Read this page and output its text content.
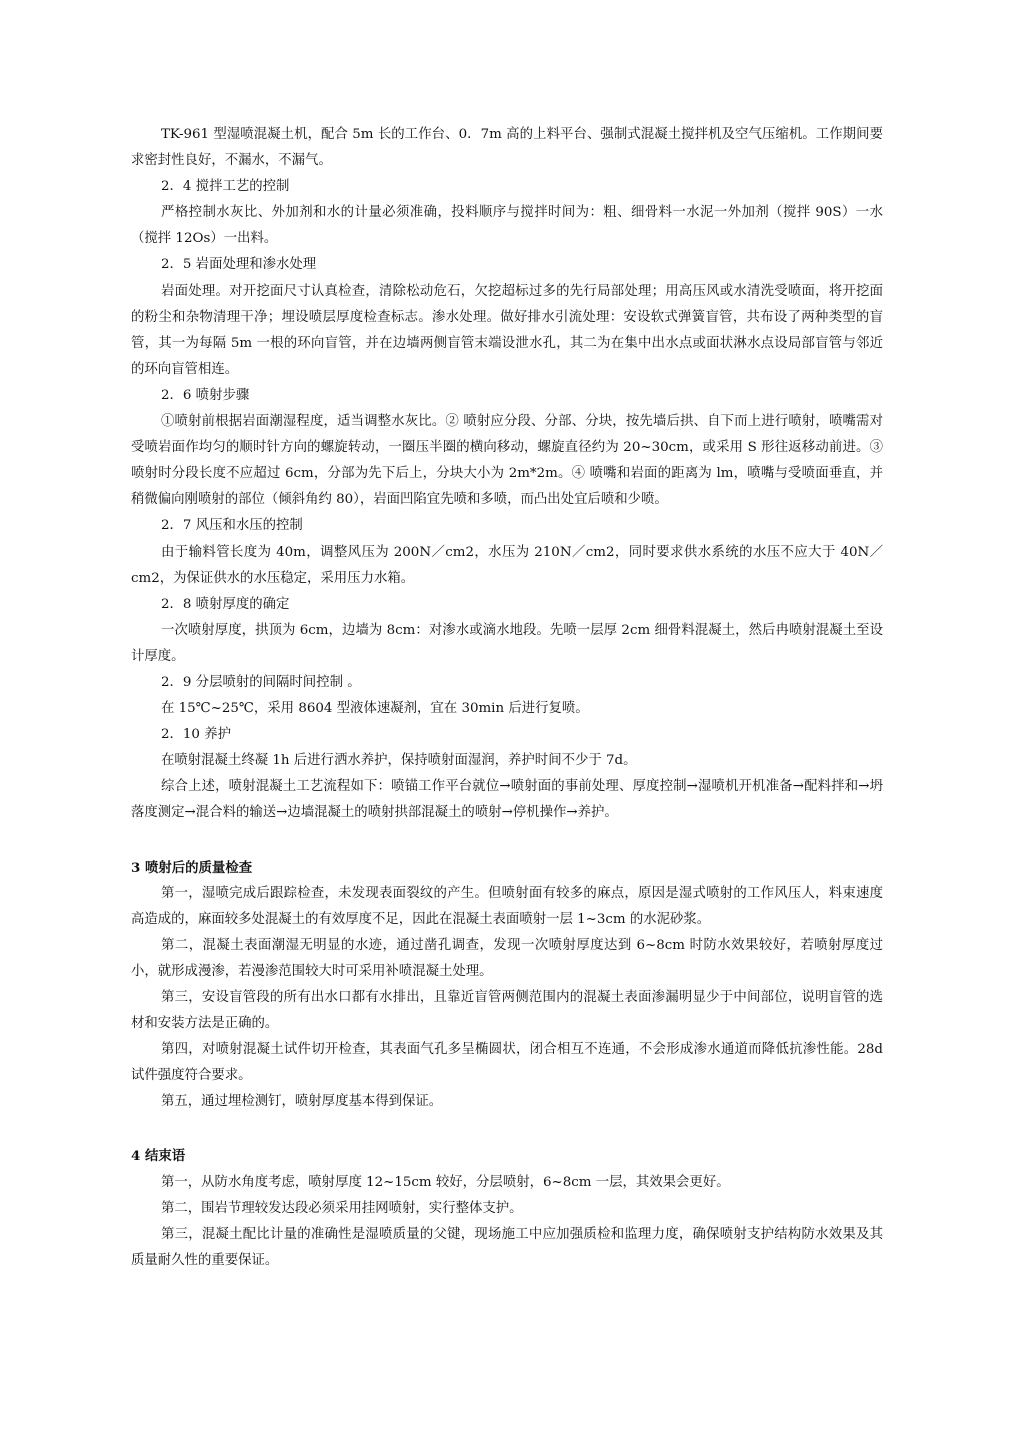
TK-961 型湿喷混凝土机，配合 5m 长的工作台、0．7m 高的上料平台、强制式混凝土搅拌机及空气压缩机。工作期间要求密封性良好，不漏水，不漏气。
2．4 搅拌工艺的控制
严格控制水灰比、外加剂和水的计量必须准确，投料顺序与搅拌时间为：粗、细骨料一水泥一外加剂（搅拌 90S）一水（搅拌 12Os）一出料。
2．5 岩面处理和渗水处理
岩面处理。对开挖面尺寸认真检查，清除松动危石，欠挖超标过多的先行局部处理；用高压风或水清洗受喷面，将开挖面的粉尘和杂物清理干净；埋设喷层厚度检查标志。渗水处理。做好排水引流处理：安设软式弹簧盲管，共布设了两种类型的盲管，其一为每隔 5m 一根的环向盲管，并在边墙两侧盲管末端设泄水孔，其二为在集中出水点或面状淋水点设局部盲管与邻近的环向盲管相连。
2．6 喷射步骤
①喷射前根据岩面潮湿程度，适当调整水灰比。② 喷射应分段、分部、分块，按先墙后拱、自下而上进行喷射，喷嘴需对受喷岩面作均匀的顺时针方向的螺旋转动，一圈压半圈的横向移动，螺旋直径约为 20~30cm，或采用 S 形往返移动前进。③喷射时分段长度不应超过 6cm，分部为先下后上，分块大小为 2m*2m。④ 喷嘴和岩面的距离为 lm，喷嘴与受喷面垂直，并稍微偏向刚喷射的部位（倾斜角约 80），岩面凹陷宜先喷和多喷，而凸出处宜后喷和少喷。
2．7 风压和水压的控制
由于输料管长度为 40m，调整风压为 200N／cm2，水压为 210N／cm2，同时要求供水系统的水压不应大于 40N／cm2，为保证供水的水压稳定，采用压力水箱。
2．8 喷射厚度的确定
一次喷射厚度，拱顶为 6cm，边墙为 8cm：对渗水或滴水地段。先喷一层厚 2cm 细骨料混凝土，然后冉喷射混凝土至设计厚度。
2．9 分层喷射的间隔时间控制 。
在 15℃~25℃，采用 8604 型液体速凝剂，宜在 30min 后进行复喷。
2．10 养护
在喷射混凝土终凝 1h 后进行洒水养护，保持喷射面湿润，养护时间不少于 7d。
综合上述，喷射混凝土工艺流程如下：喷锚工作平台就位→喷射面的事前处理、厚度控制→湿喷机开机准备→配料拌和→坍落度测定→混合料的输送→边墙混凝土的喷射拱部混凝土的喷射→停机操作→养护。
3 喷射后的质量检查
第一，湿喷完成后跟踪检查，未发现表面裂纹的产生。但喷射面有较多的麻点，原因是湿式喷射的工作风压人，料束速度高造成的，麻面较多处混凝土的有效厚度不足，因此在混凝土表面喷射一层 1~3cm 的水泥砂浆。
第二，混凝土表面潮湿无明显的水迹，通过凿孔调查，发现一次喷射厚度达到 6~8cm 时防水效果较好，若喷射厚度过小，就形成漫渗，若漫渗范围较大时可采用补喷混凝土处理。
第三，安设盲管段的所有出水口都有水排出，且靠近盲管两侧范围内的混凝土表面渗漏明显少于中间部位，说明盲管的选材和安装方法是正确的。
第四，对喷射混凝土试件切开检查，其表面气孔多呈椭圆状，闭合相互不连通，不会形成渗水通道而降低抗渗性能。28d 试件强度符合要求。
第五，通过埋检测钉，喷射厚度基本得到保证。
4 结束语
第一，从防水角度考虑，喷射厚度 12~15cm 较好，分层喷射，6~8cm 一层，其效果会更好。
第二，围岩节理较发达段必须采用挂网喷射，实行整体支护。
第三，混凝土配比计量的准确性是湿喷质量的父键，现场施工中应加强质检和监理力度，确保喷射支护结构防水效果及其质量耐久性的重要保证。
